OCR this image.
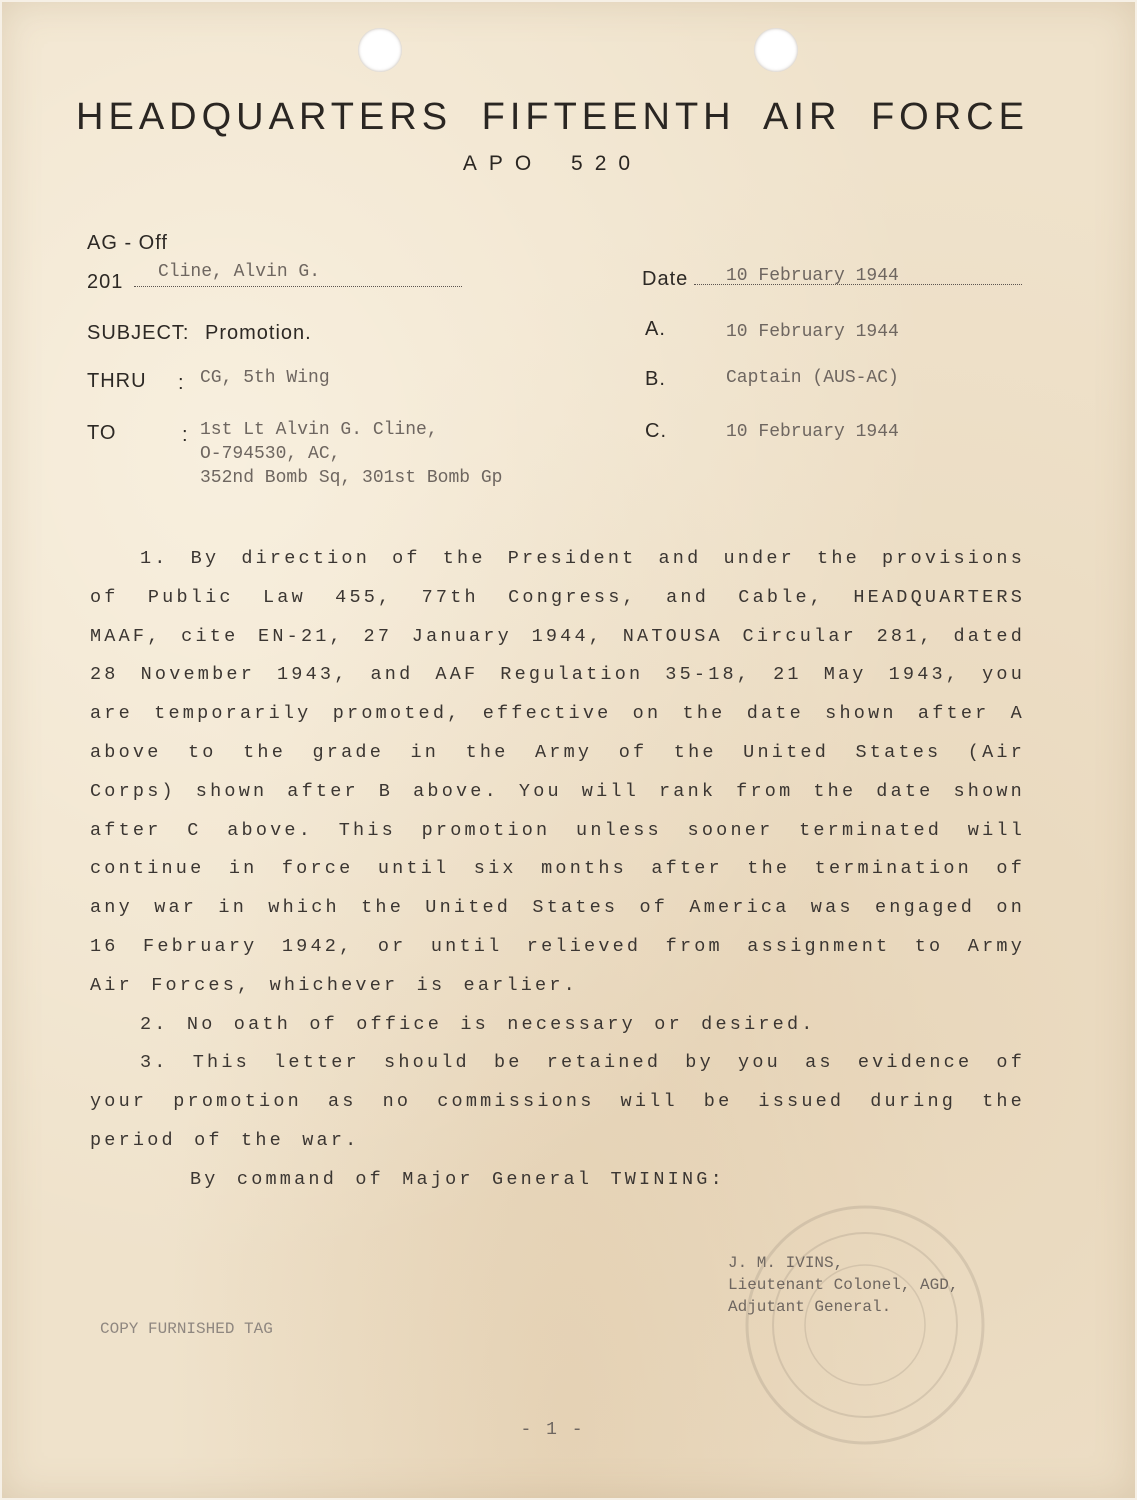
HEADQUARTERS FIFTEENTH AIR FORCE
APO 520
AG - Off
201 Cline, Alvin G.
SUBJECT: Promotion.
THRU : CG, 5th Wing
TO	: 1st Lt Alvin G. Cline,
O-794530, AC,
352nd Bomb Sq, 301st Bomb Gp
Date 10 February 1944
A.	10 February 1944
B.	Captain (AUS-AC)
C.	10 February 1944

1. By direction of the President and under the provisions of Public Law 455, 77th Congress, and Cable, HEADQUARTERS MAAF, cite EN-21, 27 January 1944, NATOUSA Circular 281, dated 28 November 1943, and AAF Regulation 35-18, 21 May 1943, you are temporarily promoted, effective on the date shown after A above to the grade in the Army of the United States (Air Corps) shown after B above. You will rank from the date shown after C above. This promotion unless sooner terminated will continue in force until six months after the termination of any war in which the United States of America was engaged on 16 February 1942, or until relieved from assignment to Army Air Forces, whichever is earlier.

2. No oath of office is necessary or desired.

3. This letter should be retained by you as evidence of your promotion as no commissions will be issued during the period of the war.

By command of Major General TWINING:

J. M. IVINS,
Lieutenant Colonel, AGD,
Adjutant General.
COPY FURNISHED TAG
- 1 -
